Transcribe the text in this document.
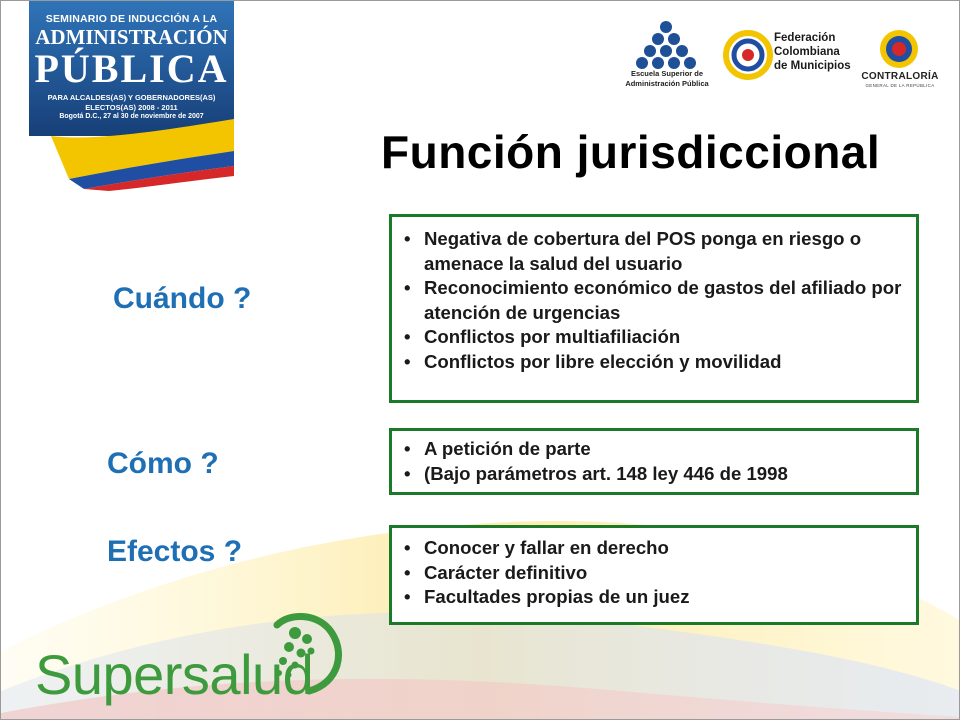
SEMINARIO DE INDUCCIÓN A LA
ADMINISTRACIÓN
PÚBLICA
PARA ALCALDES(AS) Y GOBERNADORES(AS)
ELECTOS(AS) 2008 - 2011
Bogotá D.C., 27 al 30 de noviembre de 2007
Escuela Superior de
Administración Pública
Federación
Colombiana
de Municipios
CONTRALORÍA
GENERAL DE LA REPÚBLICA
Función jurisdiccional
Cuándo ?
Cómo ?
Efectos ?
• Negativa de cobertura del POS ponga en riesgo o amenace la salud del usuario
• Reconocimiento económico de gastos del afiliado por atención de urgencias
• Conflictos por multiafiliación
• Conflictos por libre elección y movilidad
• A petición de parte
• (Bajo parámetros art. 148 ley 446 de 1998
• Conocer y fallar en derecho
• Carácter definitivo
• Facultades propias de un juez
Supersalud
